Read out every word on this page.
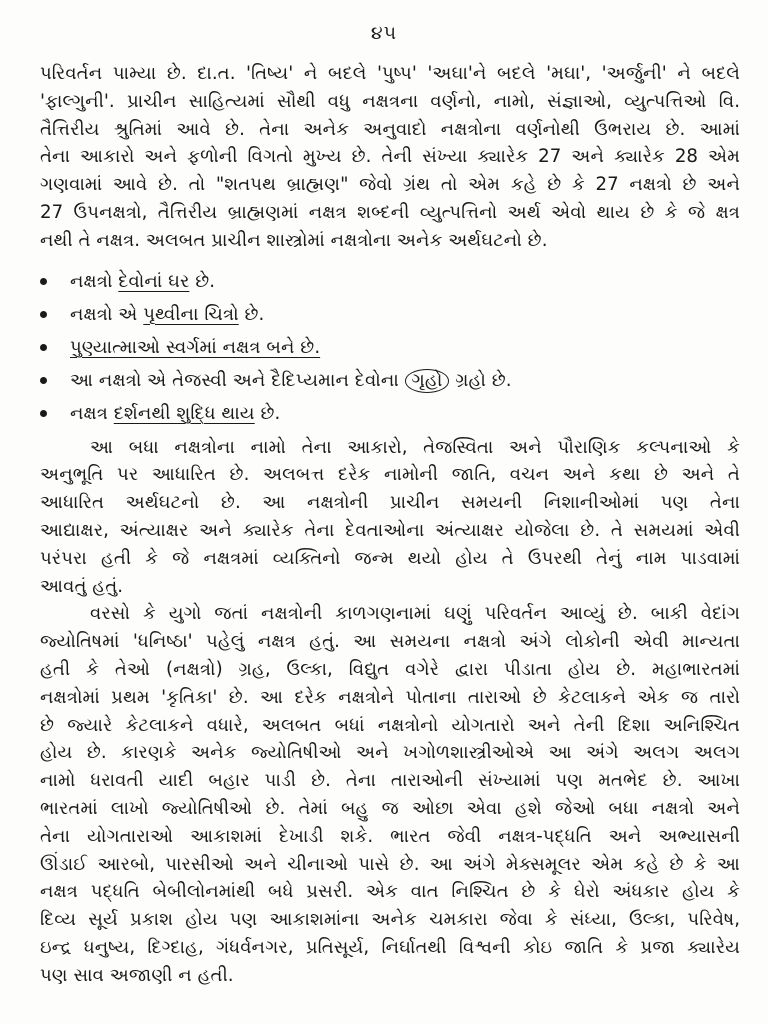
૪૫
પરિવર્તન પામ્યા છે. દા.ત. 'તિષ્ય' ને બદલે 'પુષ્પ' 'અઘા'ને બદલે 'મઘા', 'અર્જુની' ને બદલે
'ફાલ્ગુની'. પ્રાચીન સાહિત્યમાં સૌથી વધુ નક્ષત્રના વર્ણનો, નામો, સંજ્ઞાઓ, વ્યુત્પત્તિઓ વિ.
તૈત્તિરીય શ્રુતિમાં આવે છે. તેના અનેક અનુવાદો નક્ષત્રોના વર્ણનોથી ઉભરાય છે. આમાં
તેના આકારો અને ફળોની વિગતો મુખ્ય છે. તેની સંખ્યા ક્યારેક 27 અને ક્યારેક 28 એમ
ગણવામાં આવે છે. તો "શતપથ બ્રાહ્મણ" જેવો ગ્રંથ તો એમ કહે છે કે 27 નક્ષત્રો છે અને
27 ઉપનક્ષત્રો, તૈત્તિરીય બ્રાહ્મણમાં નક્ષત્ર શબ્દની વ્યુત્પત્તિનો અર્થ એવો થાય છે કે જે ક્ષત્ર
નથી તે નક્ષત્ર. અલબત પ્રાચીન શાસ્ત્રોમાં નક્ષત્રોના અનેક અર્થઘટનો છે.
નક્ષત્રો દેવોનાં ઘર છે.
નક્ષત્રો એ પૃથ્વીના ચિત્રો છે.
પુણ્યાત્માઓ સ્વર્ગમાં નક્ષત્ર બને છે.
આ નક્ષત્રો એ તેજસ્વી અને દૈદિપ્યમાન દેવોના ગૃહો ગ્રહો છે.
નક્ષત્ર દર્શનથી શુદ્ધિ થાય છે.
આ બધા નક્ષત્રોના નામો તેના આકારો, તેજસ્વિતા અને પૌરાણિક કલ્પનાઓ કે
અનુભૂતિ પર આધારિત છે. અલબત્ત દરેક નામોની જાતિ, વચન અને કથા છે અને તે
આધારિત અર્થઘટનો છે. આ નક્ષત્રોની પ્રાચીન સમયની નિશાનીઓમાં પણ તેના
આદ્યાક્ષર, અંત્યાક્ષર અને ક્યારેક તેના દેવતાઓના અંત્યાક્ષર યોજેલા છે. તે સમયમાં એવી
પરંપરા હતી કે જે નક્ષત્રમાં વ્યક્તિનો જન્મ થયો હોય તે ઉપરથી તેનું નામ પાડવામાં
આવતું હતું.
વરસો કે યુગો જતાં નક્ષત્રોની કાળગણનામાં ઘણું પરિવર્તન આવ્યું છે. બાકી વેદાંગ
જ્યોતિષમાં 'ધનિષ્ઠા' પહેલું નક્ષત્ર હતું. આ સમયના નક્ષત્રો અંગે લોકોની એવી માન્યતા
હતી કે તેઓ (નક્ષત્રો) ગ્રહ, ઉલ્કા, વિદ્યુત વગેરે દ્વારા પીડાતા હોય છે. મહાભારતમાં
નક્ષત્રોમાં પ્રથમ 'કૃતિકા' છે. આ દરેક નક્ષત્રોને પોતાના તારાઓ છે કેટલાકને એક જ તારો
છે જ્યારે કેટલાકને વધારે, અલબત બધાં નક્ષત્રોનો યોગતારો અને તેની દિશા અનિશ્ચિત
હોય છે. કારણકે અનેક જ્યોતિષીઓ અને ખગોળશાસ્ત્રીઓએ આ અંગે અલગ અલગ
નામો ધરાવતી યાદી બહાર પાડી છે. તેના તારાઓની સંખ્યામાં પણ મતભેદ છે. આખા
ભારતમાં લાખો જ્યોતિષીઓ છે. તેમાં બહુ જ ઓછા એવા હશે જેઓ બધા નક્ષત્રો અને
તેના યોગતારાઓ આકાશમાં દેખાડી શકે. ભારત જેવી નક્ષત્ર-પદ્ધતિ અને અભ્યાસની
ઊંડાઈ આરબો, પારસીઓ અને ચીનાઓ પાસે છે. આ અંગે મેક્સમૂલર એમ કહે છે કે આ
નક્ષત્ર પદ્ધતિ બેબીલોનમાંથી બધે પ્રસરી. એક વાત નિશ્ચિત છે કે ઘેરો અંધકાર હોય કે
દિવ્ય સૂર્ય પ્રકાશ હોય પણ આકાશમાંના અનેક ચમકારા જેવા કે સંધ્યા, ઉલ્કા, પરિવેષ,
ઇન્દ્ર ધનુષ્ય, દિગ્દાહ, ગંધર્વનગર, પ્રતિસૂર્ય, નિર્ઘાતથી વિશ્વની કોઇ જાતિ કે પ્રજા ક્યારેય
પણ સાવ અજાણી ન હતી.
